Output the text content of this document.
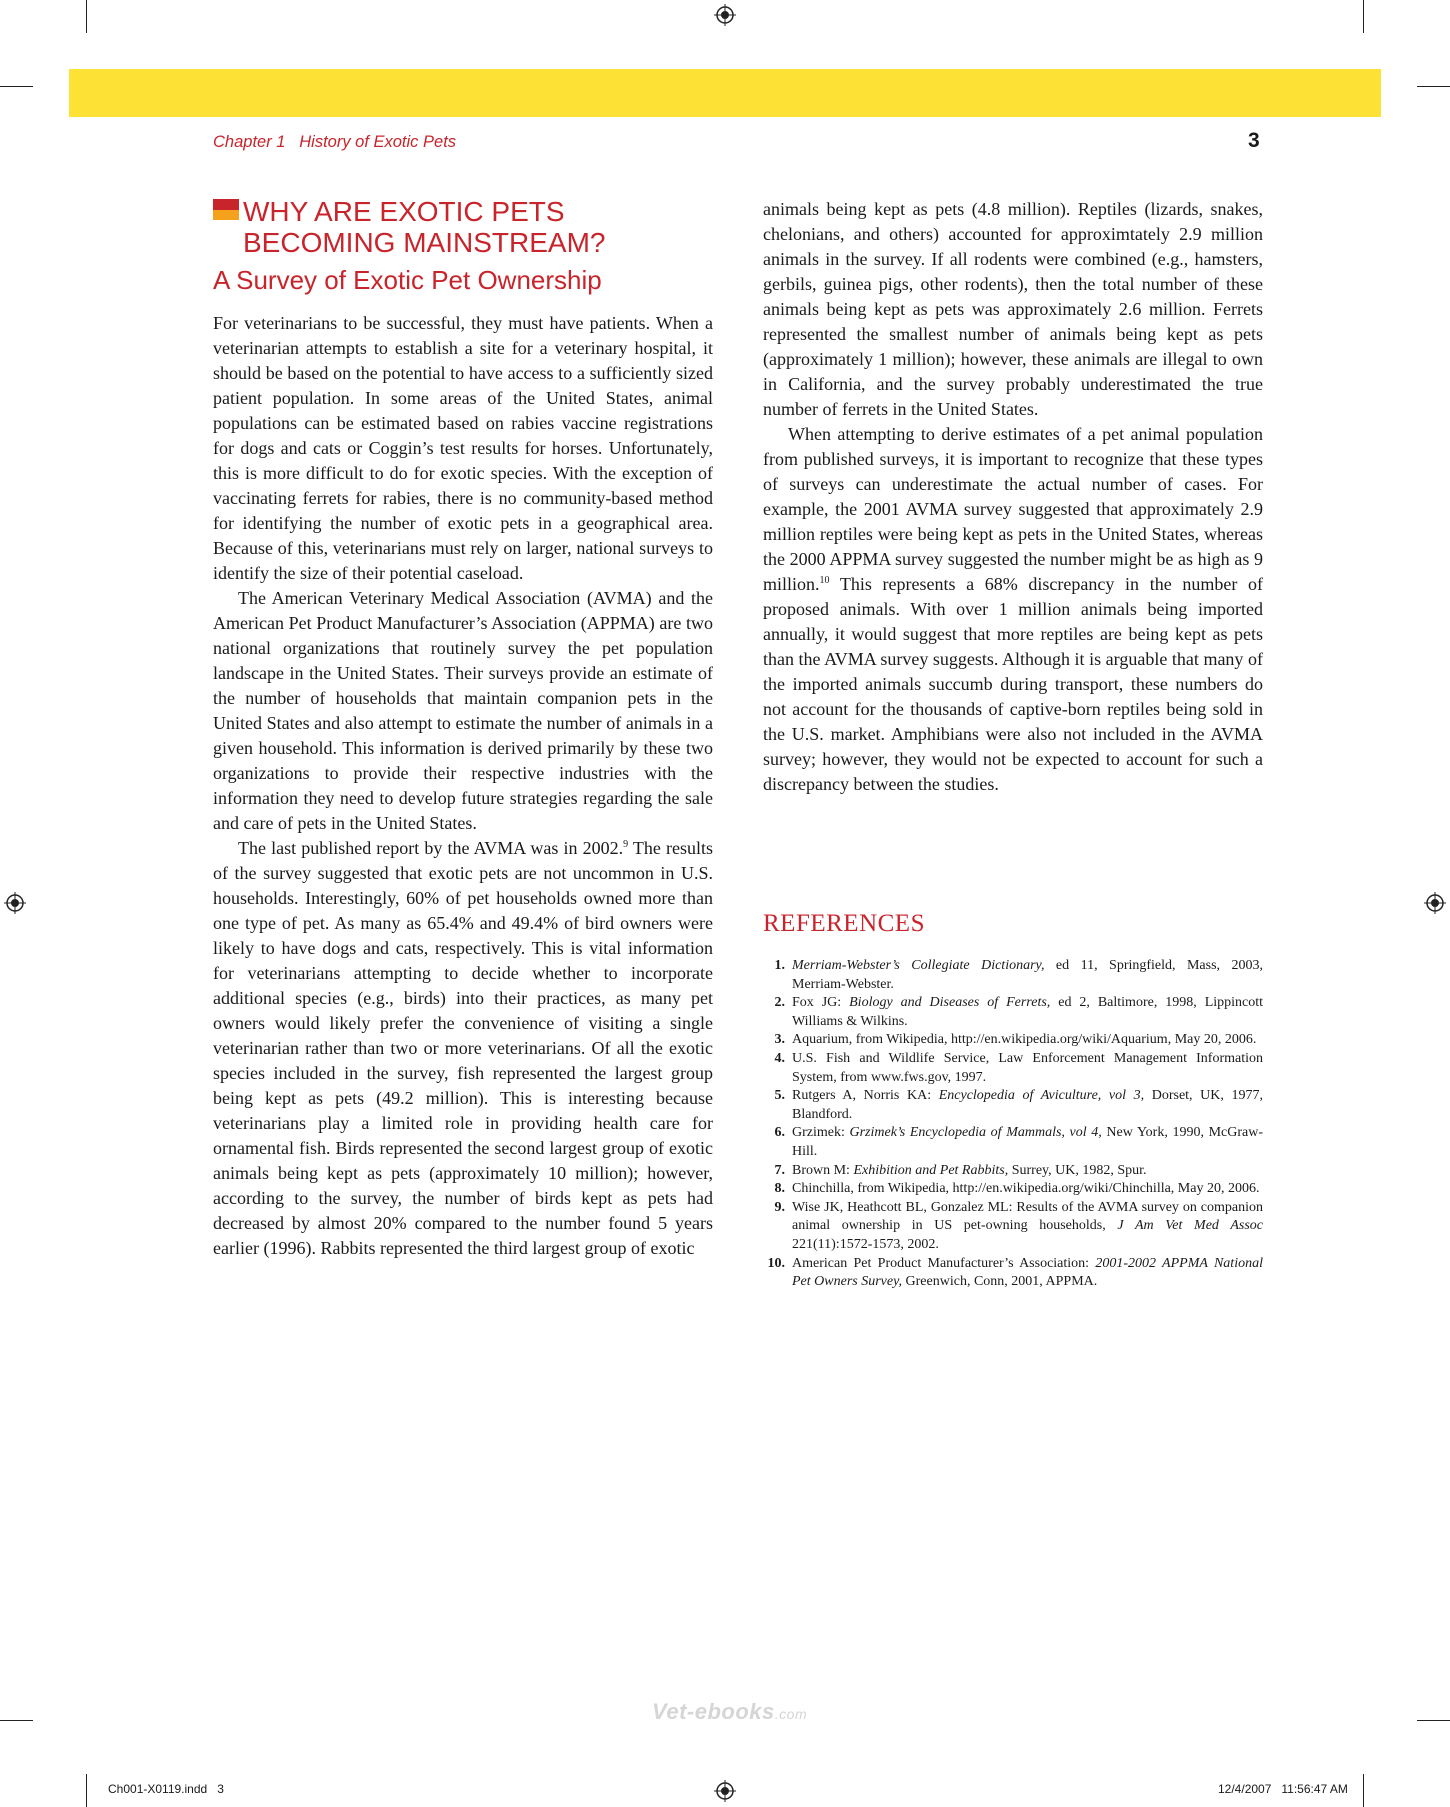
Chapter 1 History of Exotic Pets	3
WHY ARE EXOTIC PETS
BECOMING MAINSTREAM?
A Survey of Exotic Pet Ownership

For veterinarians to be successful, they must have patients. When a veterinarian attempts to establish a site for a veterinary hospital, it should be based on the potential to have access to a sufficiently sized patient population. In some areas of the United States, animal populations can be estimated based on rabies vaccine registrations for dogs and cats or Coggin’s test results for horses. Unfortunately, this is more difficult to do for exotic species. With the exception of vaccinating ferrets for rabies, there is no community-based method for identifying the number of exotic pets in a geographical area. Because of this, veterinarians must rely on larger, national surveys to identify the size of their potential caseload.

The American Veterinary Medical Association (AVMA) and the American Pet Product Manufacturer’s Association (APPMA) are two national organizations that routinely survey the pet population landscape in the United States. Their surveys provide an estimate of the number of households that maintain companion pets in the United States and also attempt to estimate the number of animals in a given household. This information is derived primarily by these two organizations to provide their respective industries with the information they need to develop future strategies regarding the sale and care of pets in the United States.

The last published report by the AVMA was in 2002.$^9$ The results of the survey suggested that exotic pets are not uncommon in U.S. households. Interestingly, 60% of pet households owned more than one type of pet. As many as 65.4% and 49.4% of bird owners were likely to have dogs and cats, respectively. This is vital information for veterinarians attempting to decide whether to incorporate additional species (e.g., birds) into their practices, as many pet owners would likely prefer the convenience of visiting a single veterinarian rather than two or more veterinarians. Of all the exotic species included in the survey, fish represented the largest group being kept as pets (49.2 million). This is interesting because veterinarians play a limited role in providing health care for ornamental fish. Birds represented the second largest group of exotic animals being kept as pets (approximately 10 million); however, according to the survey, the number of birds kept as pets had decreased by almost 20% compared to the number found 5 years earlier (1996). Rabbits represented the third largest group of exotic

animals being kept as pets (4.8 million). Reptiles (lizards, snakes, chelonians, and others) accounted for approximtately 2.9 million animals in the survey. If all rodents were combined (e.g., hamsters, gerbils, guinea pigs, other rodents), then the total number of these animals being kept as pets was approximately 2.6 million. Ferrets represented the smallest number of animals being kept as pets (approximately 1 million); however, these animals are illegal to own in California, and the survey probably underestimated the true number of ferrets in the United States.

When attempting to derive estimates of a pet animal population from published surveys, it is important to recognize that these types of surveys can underestimate the actual number of cases. For example, the 2001 AVMA survey suggested that approximately 2.9 million reptiles were being kept as pets in the United States, whereas the 2000 APPMA survey suggested the number might be as high as 9 million.$^{10}$ This represents a 68% discrepancy in the number of proposed animals. With over 1 million animals being imported annually, it would suggest that more reptiles are being kept as pets than the AVMA survey suggests. Although it is arguable that many of the imported animals succumb during transport, these numbers do not account for the thousands of captive-born reptiles being sold in the U.S. market. Amphibians were also not included in the AVMA survey; however, they would not be expected to account for such a discrepancy between the studies.

REFERENCES
1. Merriam-Webster’s Collegiate Dictionary, ed 11, Springfield, Mass, 2003, Merriam-Webster.
2. Fox JG: Biology and Diseases of Ferrets, ed 2, Baltimore, 1998, Lippincott Williams & Wilkins.
3. Aquarium, from Wikipedia, http://en.wikipedia.org/wiki/Aquarium, May 20, 2006.
4. U.S. Fish and Wildlife Service, Law Enforcement Management Information System, from www.fws.gov, 1997.
5. Rutgers A, Norris KA: Encyclopedia of Aviculture, vol 3, Dorset, UK, 1977, Blandford.
6. Grzimek: Grzimek’s Encyclopedia of Mammals, vol 4, New York, 1990, McGraw-Hill.
7. Brown M: Exhibition and Pet Rabbits, Surrey, UK, 1982, Spur.
8. Chinchilla, from Wikipedia, http://en.wikipedia.org/wiki/Chinchilla, May 20, 2006.
9. Wise JK, Heathcott BL, Gonzalez ML: Results of the AVMA survey on companion animal ownership in US pet-owning households, J Am Vet Med Assoc 221(11):1572-1573, 2002.
10. American Pet Product Manufacturer’s Association: 2001-2002 APPMA National Pet Owners Survey, Greenwich, Conn, 2001, APPMA.
Vet-ebooks.com
Ch001-X0119.indd   3	12/4/2007   11:56:47 AM
